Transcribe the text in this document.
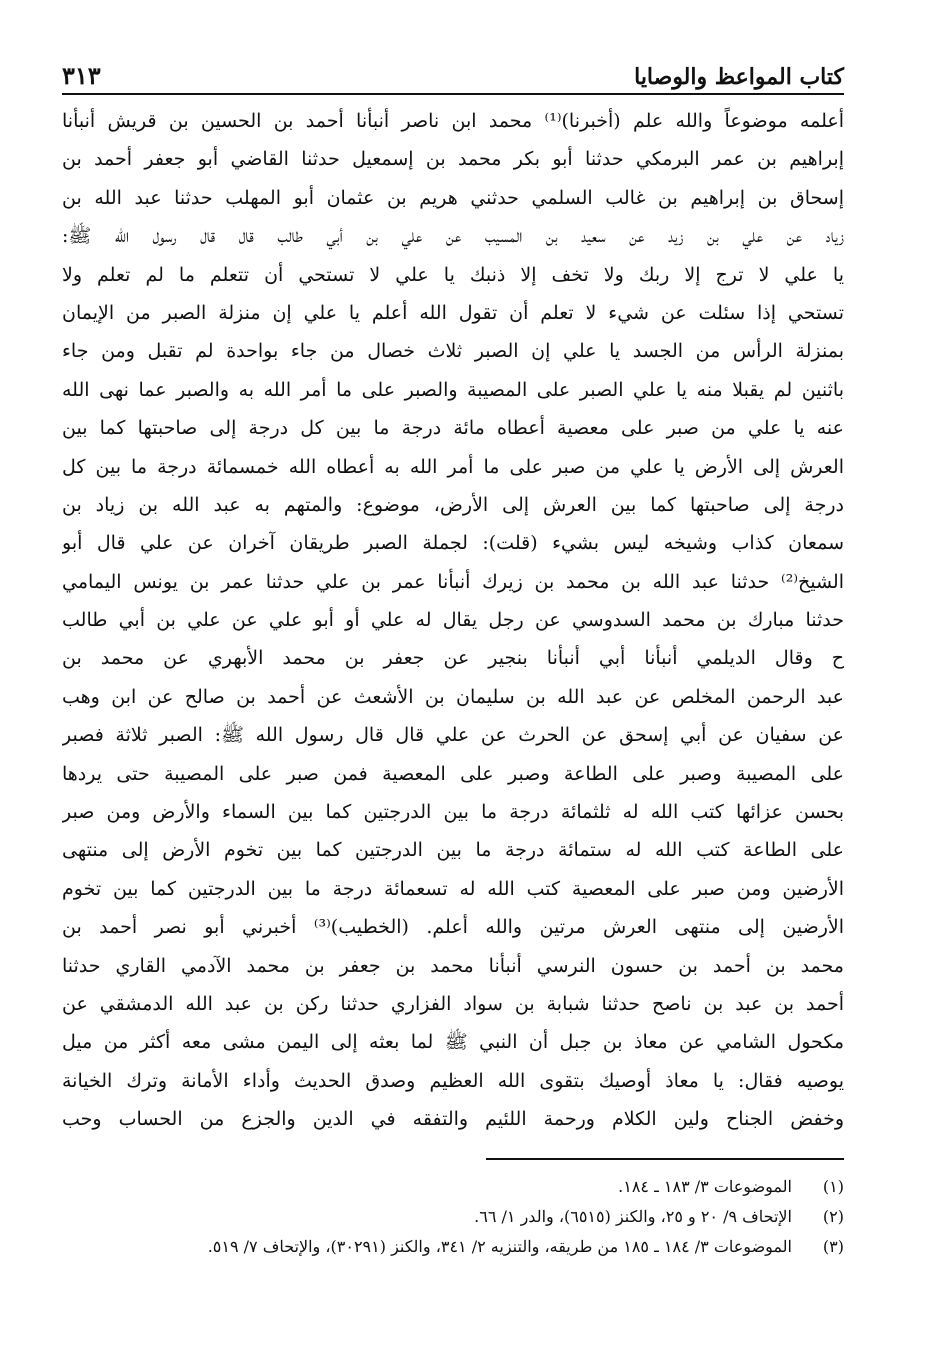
كتاب المواعظ والوصايا
٣١٣
أعلمه موضوعاً والله علم (أخبرنا)⁽¹⁾ محمد ابن ناصر أنبأنا أحمد بن الحسين بن قريش أنبأنا
إبراهيم بن عمر البرمكي حدثنا أبو بكر محمد بن إسمعيل حدثنا القاضي أبو جعفر أحمد بن
إسحاق بن إبراهيم بن غالب السلمي حدثني هريم بن عثمان أبو المهلب حدثنا عبد الله بن
زياد عن علي بن زيد عن سعيد بن المسيب عن علي بن أبي طالب قال قال رسول الله ﷺ:
يا علي لا ترج إلا ربك ولا تخف إلا ذنبك يا علي لا تستحي أن تتعلم ما لم تعلم ولا
تستحي إذا سئلت عن شيء لا تعلم أن تقول الله أعلم يا علي إن منزلة الصبر من الإيمان
بمنزلة الرأس من الجسد يا علي إن الصبر ثلاث خصال من جاء بواحدة لم تقبل ومن جاء
باثنين لم يقبلا منه يا علي الصبر على المصيبة والصبر على ما أمر الله به والصبر عما نهى الله
عنه يا علي من صبر على معصية أعطاه مائة درجة ما بين كل درجة إلى صاحبتها كما بين
العرش إلى الأرض يا علي من صبر على ما أمر الله به أعطاه الله خمسمائة درجة ما بين كل
درجة إلى صاحبتها كما بين العرش إلى الأرض، موضوع: والمتهم به عبد الله بن زياد بن
سمعان كذاب وشيخه ليس بشيء (قلت): لجملة الصبر طريقان آخران عن علي قال أبو
الشيخ⁽²⁾ حدثنا عبد الله بن محمد بن زيرك أنبأنا عمر بن علي حدثنا عمر بن يونس اليمامي
حدثنا مبارك بن محمد السدوسي عن رجل يقال له علي أو أبو علي عن علي بن أبي طالب
ح وقال الديلمي أنبأنا أبي أنبأنا بنجير عن جعفر بن محمد الأبهري عن محمد بن
عبد الرحمن المخلص عن عبد الله بن سليمان بن الأشعث عن أحمد بن صالح عن ابن وهب
عن سفيان عن أبي إسحق عن الحرث عن علي قال قال رسول الله ﷺ: الصبر ثلاثة فصبر
على المصيبة وصبر على الطاعة وصبر على المعصية فمن صبر على المصيبة حتى يردها
بحسن عزائها كتب الله له ثلثمائة درجة ما بين الدرجتين كما بين السماء والأرض ومن صبر
على الطاعة كتب الله له ستمائة درجة ما بين الدرجتين كما بين تخوم الأرض إلى منتهى
الأرضين ومن صبر على المعصية كتب الله له تسعمائة درجة ما بين الدرجتين كما بين تخوم
الأرضين إلى منتهى العرش مرتين والله أعلم. (الخطيب)⁽³⁾ أخبرني أبو نصر أحمد بن
محمد بن أحمد بن حسون النرسي أنبأنا محمد بن جعفر بن محمد الآدمي القاري حدثنا
أحمد بن عبد بن ناصح حدثنا شبابة بن سواد الفزاري حدثنا ركن بن عبد الله الدمشقي عن
مكحول الشامي عن معاذ بن جبل أن النبي ﷺ لما بعثه إلى اليمن مشى معه أكثر من ميل
يوصيه فقال: يا معاذ أوصيك بتقوى الله العظيم وصدق الحديث وأداء الأمانة وترك الخيانة
وخفض الجناح ولين الكلام ورحمة اللئيم والتفقه في الدين والجزع من الحساب وحب
(١)
الموضوعات ٣/ ١٨٣ ـ ١٨٤.
(٢)
الإتحاف ٩/ ٢٠ و ٢٥، والكنز (٦٥١٥)، والدر ١/ ٦٦.
(٣)
الموضوعات ٣/ ١٨٤ ـ ١٨٥ من طريقه، والتنزيه ٢/ ٣٤١، والكنز (٣٠٢٩١)، والإتحاف ٧/ ٥١٩.
